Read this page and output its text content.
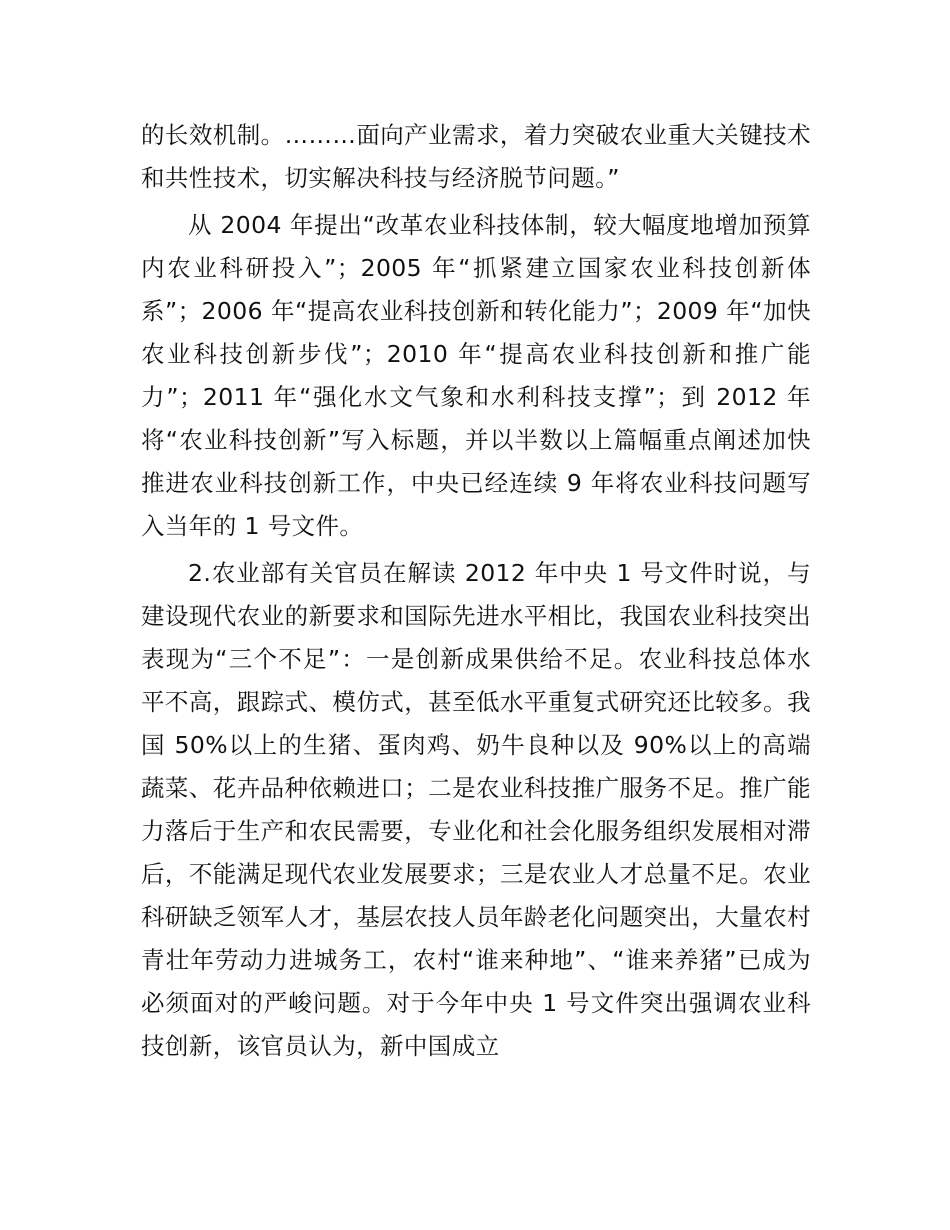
的长效机制。………面向产业需求，着力突破农业重大关键技术和共性技术，切实解决科技与经济脱节问题。”

从 2004 年提出“改革农业科技体制，较大幅度地增加预算内农业科研投入”；2005 年“抓紧建立国家农业科技创新体系”；2006 年“提高农业科技创新和转化能力”；2009 年“加快农业科技创新步伐”；2010 年“提高农业科技创新和推广能力”；2011 年“强化水文气象和水利科技支撑”；到 2012 年将“农业科技创新”写入标题，并以半数以上篇幅重点阐述加快推进农业科技创新工作，中央已经连续 9 年将农业科技问题写入当年的 1 号文件。

2.农业部有关官员在解读 2012 年中央 1 号文件时说，与建设现代农业的新要求和国际先进水平相比，我国农业科技突出表现为“三个不足”：一是创新成果供给不足。农业科技总体水平不高，跟踪式、模仿式，甚至低水平重复式研究还比较多。我国 50%以上的生猪、蛋肉鸡、奶牛良种以及 90%以上的高端蔬菜、花卉品种依赖进口；二是农业科技推广服务不足。推广能力落后于生产和农民需要，专业化和社会化服务组织发展相对滞后，不能满足现代农业发展要求；三是农业人才总量不足。农业科研缺乏领军人才，基层农技人员年龄老化问题突出，大量农村青壮年劳动力进城务工，农村“谁来种地”、“谁来养猪”已成为必须面对的严峻问题。对于今年中央 1 号文件突出强调农业科技创新，该官员认为，新中国成立
